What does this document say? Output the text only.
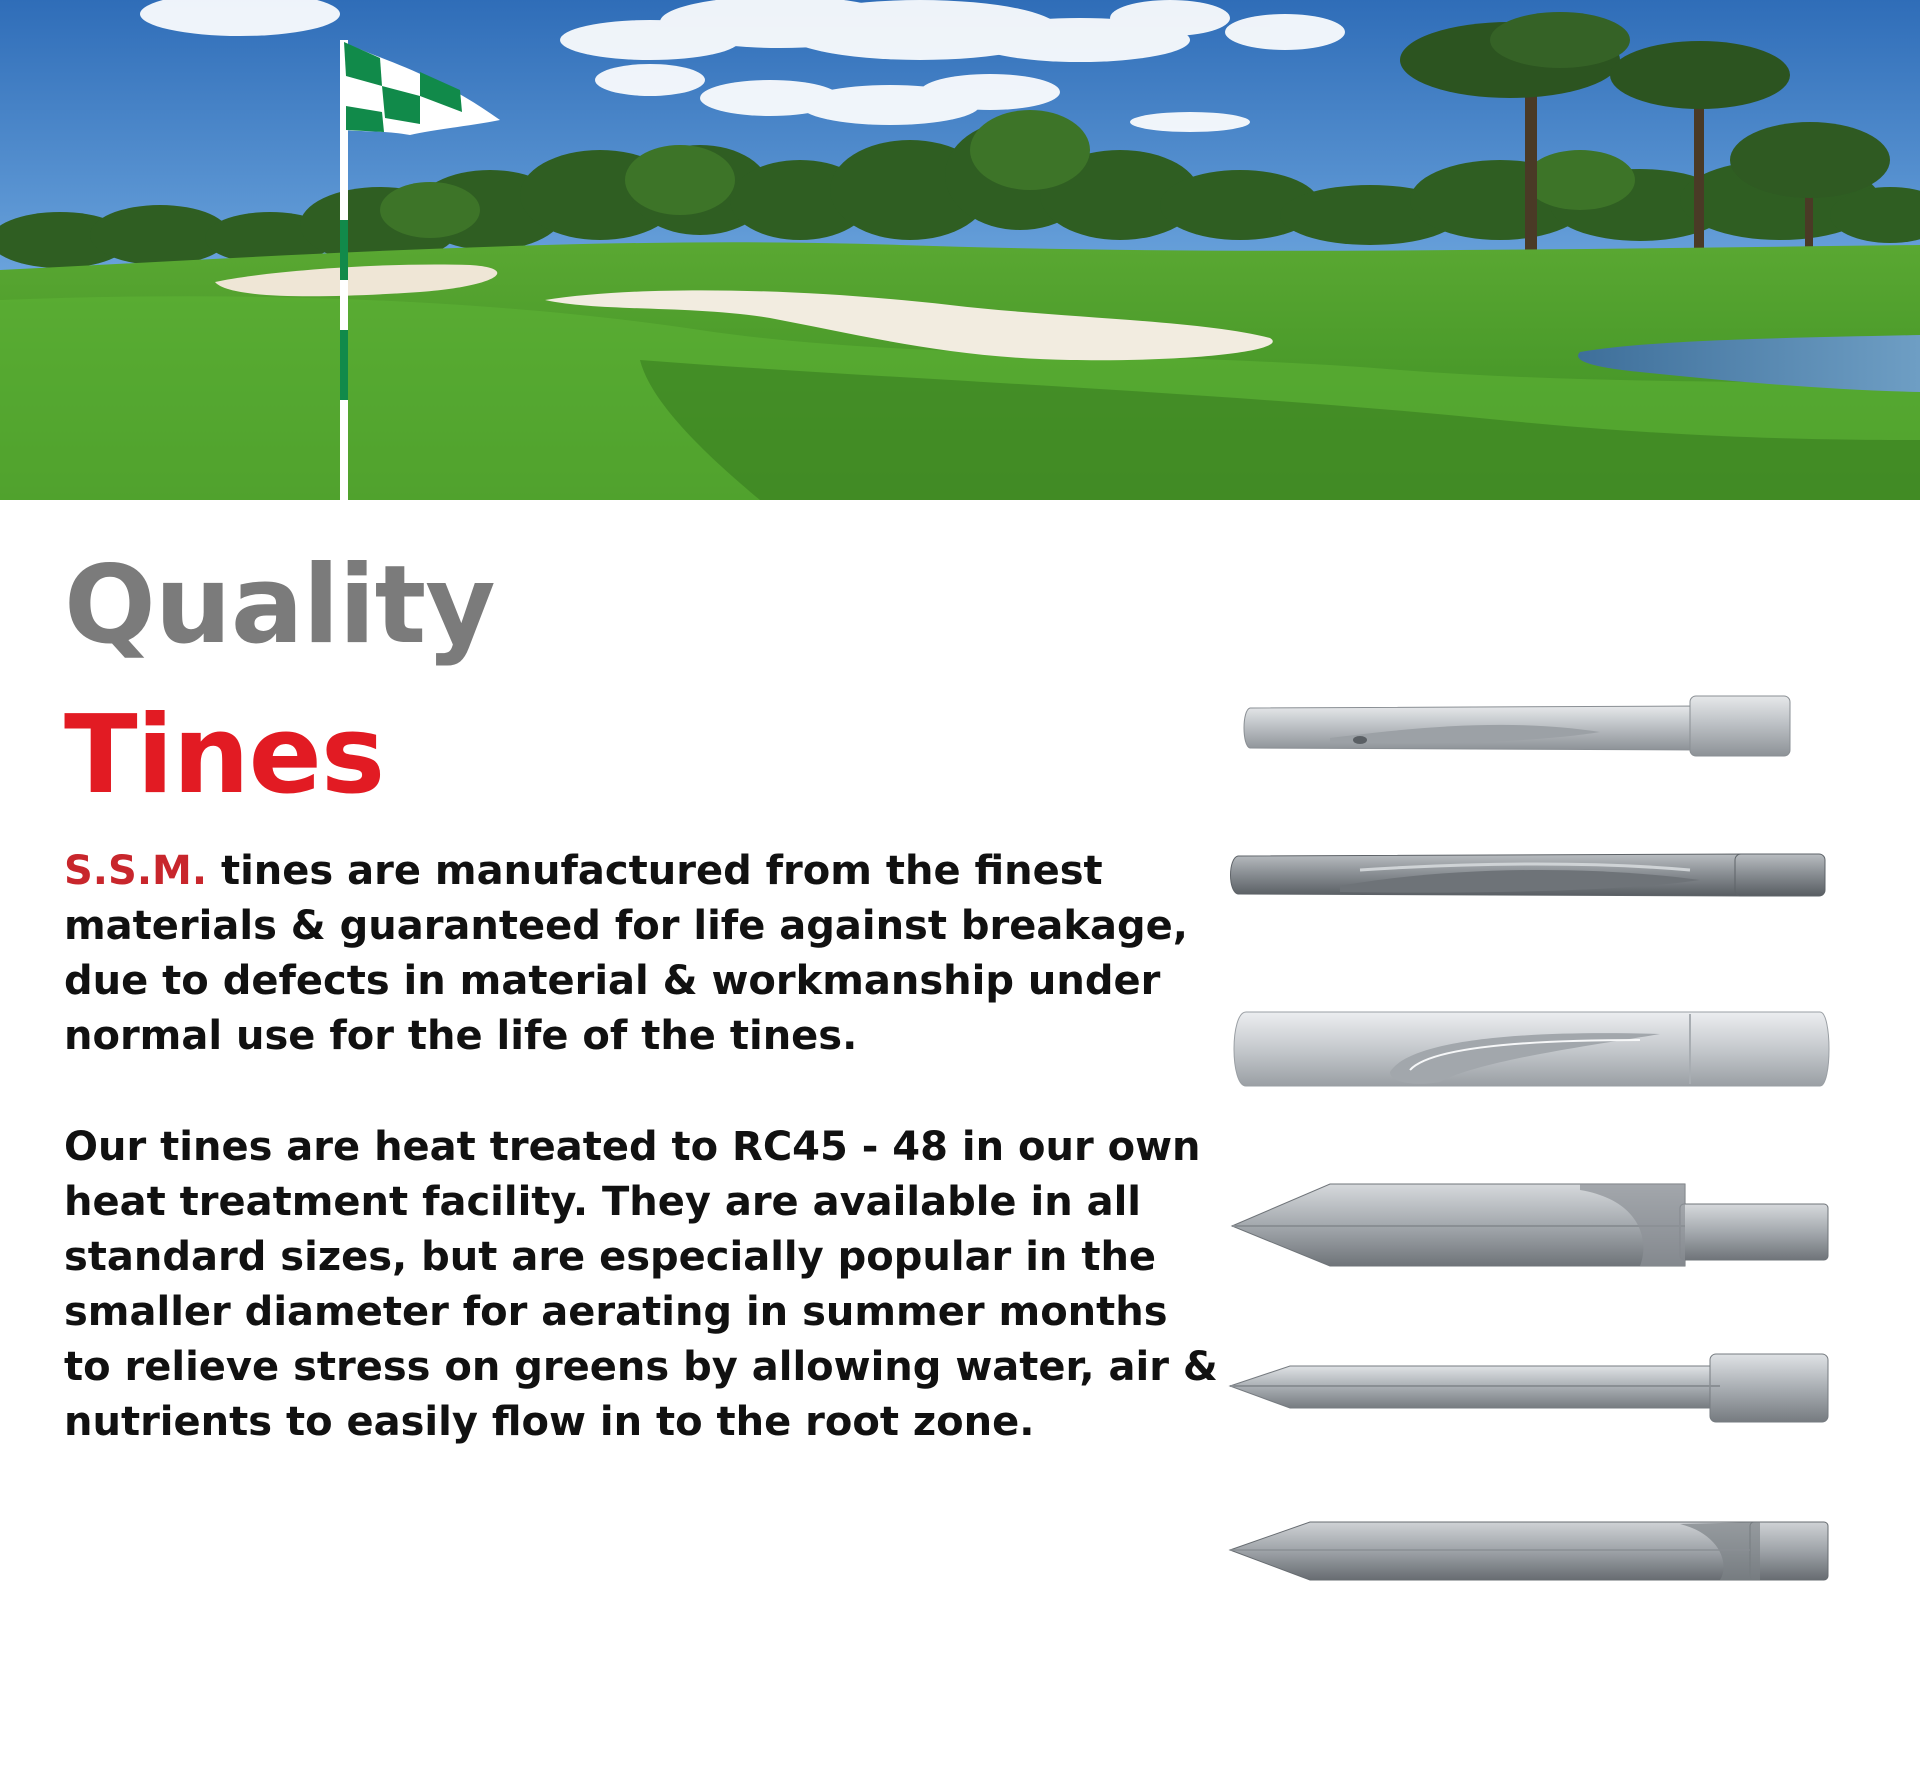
Quality
Tines

S.S.M. tines are manufactured from the finest materials & guaranteed for life against breakage, due to defects in material & workmanship under normal use for the life of the tines.

Our tines are heat treated to RC45 - 48 in our own heat treatment facility. They are available in all standard sizes, but are especially popular in the smaller diameter for aerating in summer months to relieve stress on greens by allowing water, air & nutrients to easily flow in to the root zone.
